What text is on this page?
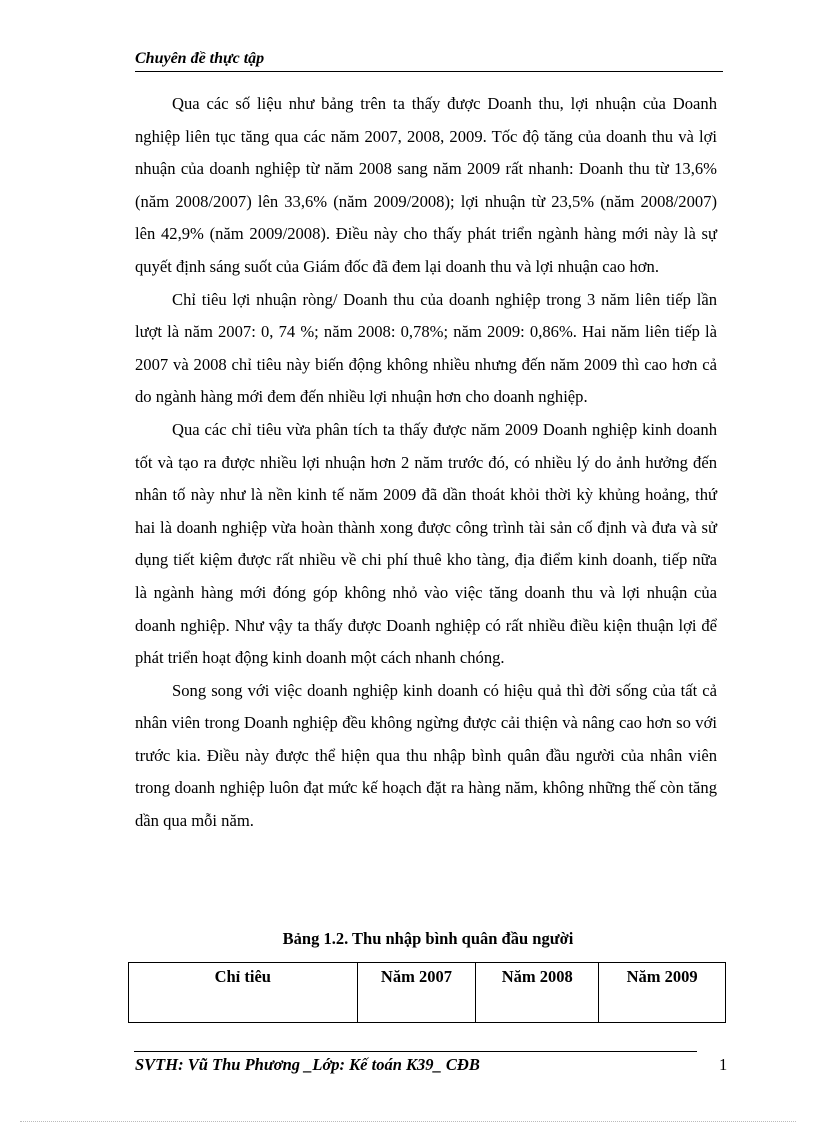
Chuyên đề thực tập

Qua các số liệu như bảng trên ta thấy được Doanh thu, lợi nhuận của Doanh nghiệp liên tục tăng qua các năm 2007, 2008, 2009. Tốc độ tăng của doanh thu và lợi nhuận của doanh nghiệp từ năm 2008 sang năm 2009 rất nhanh: Doanh thu từ 13,6% (năm 2008/2007) lên 33,6% (năm 2009/2008); lợi nhuận từ 23,5% (năm 2008/2007) lên 42,9% (năm 2009/2008). Điều này cho thấy phát triển ngành hàng mới này là sự quyết định sáng suốt của Giám đốc đã đem lại doanh thu và lợi nhuận cao hơn.

Chỉ tiêu lợi nhuận ròng/ Doanh thu của doanh nghiệp trong 3 năm liên tiếp lần lượt là năm 2007: 0, 74 %; năm 2008: 0,78%; năm 2009: 0,86%. Hai năm liên tiếp là 2007 và 2008 chỉ tiêu này biến động không nhiều nhưng đến năm 2009 thì cao hơn cả do ngành hàng mới đem đến nhiều lợi nhuận hơn cho doanh nghiệp.

Qua các chỉ tiêu vừa phân tích ta thấy được năm 2009 Doanh nghiệp kinh doanh tốt và tạo ra được nhiều lợi nhuận hơn 2 năm trước đó, có nhiều lý do ảnh hưởng đến nhân tố này như là nền kinh tế năm 2009 đã dần thoát khỏi thời kỳ khủng hoảng, thứ hai là doanh nghiệp vừa hoàn thành xong được công trình tài sản cố định và đưa và sử dụng tiết kiệm được rất nhiều về chi phí thuê kho tàng, địa điểm kinh doanh, tiếp nữa là ngành hàng mới đóng góp không nhỏ vào việc tăng doanh thu và lợi nhuận của doanh nghiệp. Như vậy ta thấy được Doanh nghiệp có rất nhiều điều kiện thuận lợi để phát triển hoạt động kinh doanh một cách nhanh chóng.

Song song với việc doanh nghiệp kinh doanh có hiệu quả thì đời sống của tất cả nhân viên trong Doanh nghiệp đều không ngừng được cải thiện và nâng cao hơn so với trước kia. Điều này được thể hiện qua thu nhập bình quân đầu người của nhân viên trong doanh nghiệp luôn đạt mức kế hoạch đặt ra hàng năm, không những thế còn tăng dần qua mỗi năm.

Bảng 1.2. Thu nhập bình quân đầu người
Chỉ tiêu	Năm 2007	Năm 2008	Năm 2009
SVTH: Vũ Thu Phương _Lớp: Kế toán K39_ CĐB	1
